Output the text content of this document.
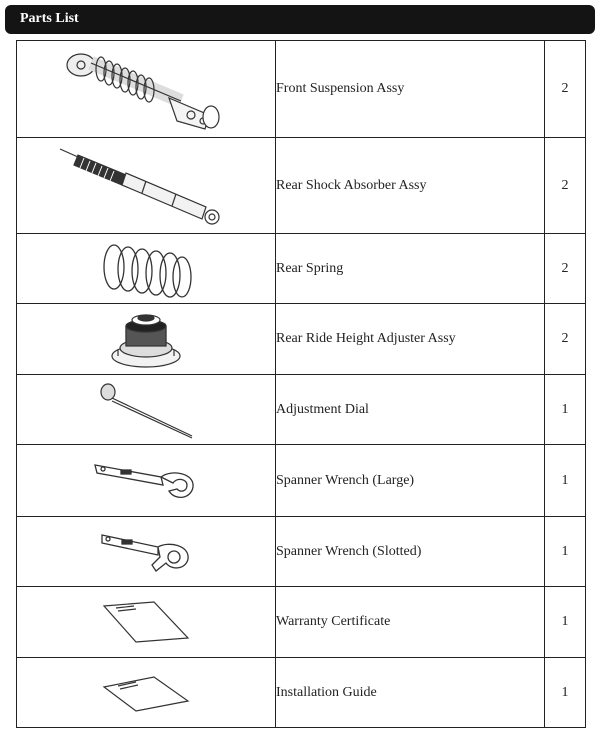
Parts List
	Front Suspension Assy	2

	Rear Shock Absorber Assy	2

	Rear Spring	2

	Rear Ride Height Adjuster Assy	2

	Adjustment Dial	1

	Spanner Wrench (Large)	1

	Spanner Wrench (Slotted)	1

	Warranty Certificate	1

	Installation Guide	1
